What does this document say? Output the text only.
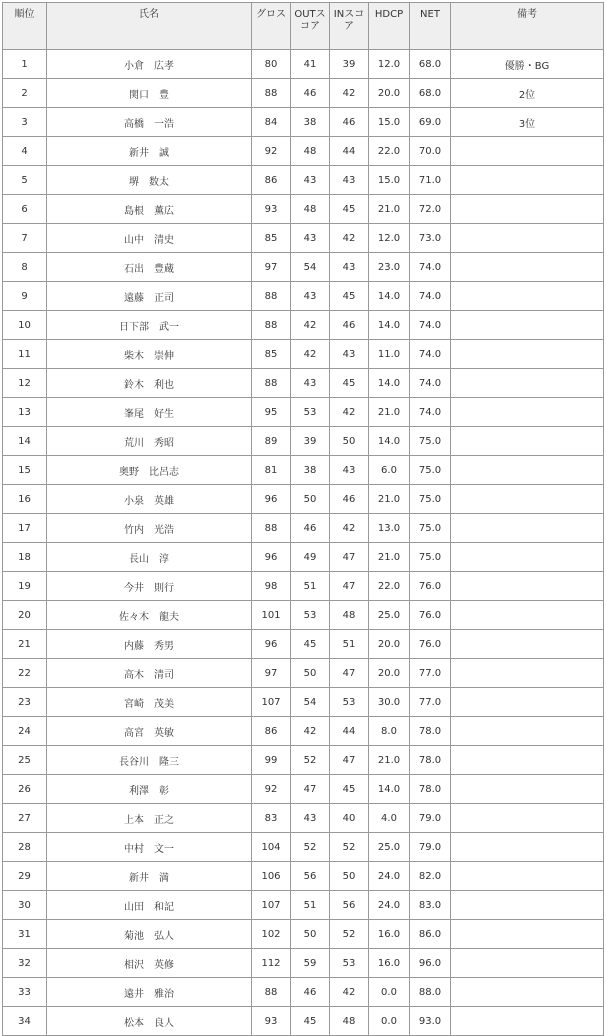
順位	氏名	グロス	OUTスコア	INスコア	HDCP	NET	備考
1	小倉　広孝	80	41	39	12.0	68.0	優勝・BG
2	関口　豊	88	46	42	20.0	68.0	2位
3	高橋　一浩	84	38	46	15.0	69.0	3位
4	新井　誠	92	48	44	22.0	70.0	
5	堺　数太	86	43	43	15.0	71.0	
6	島根　薫広	93	48	45	21.0	72.0	
7	山中　清史	85	43	42	12.0	73.0	
8	石出　豊蔵	97	54	43	23.0	74.0	
9	遠藤　正司	88	43	45	14.0	74.0	
10	日下部　武一	88	42	46	14.0	74.0	
11	柴木　崇伸	85	42	43	11.0	74.0	
12	鈴木　利也	88	43	45	14.0	74.0	
13	峯尾　好生	95	53	42	21.0	74.0	
14	荒川　秀昭	89	39	50	14.0	75.0	
15	奥野　比呂志	81	38	43	6.0	75.0	
16	小泉　英雄	96	50	46	21.0	75.0	
17	竹内　光浩	88	46	42	13.0	75.0	
18	長山　淳	96	49	47	21.0	75.0	
19	今井　則行	98	51	47	22.0	76.0	
20	佐々木　龍夫	101	53	48	25.0	76.0	
21	内藤　秀男	96	45	51	20.0	76.0	
22	高木　清司	97	50	47	20.0	77.0	
23	宮崎　茂美	107	54	53	30.0	77.0	
24	高宮　英敏	86	42	44	8.0	78.0	
25	長谷川　隆三	99	52	47	21.0	78.0	
26	利澤　彰	92	47	45	14.0	78.0	
27	上本　正之	83	43	40	4.0	79.0	
28	中村　文一	104	52	52	25.0	79.0	
29	新井　満	106	56	50	24.0	82.0	
30	山田　和記	107	51	56	24.0	83.0	
31	菊池　弘人	102	50	52	16.0	86.0	
32	相沢　英修	112	59	53	16.0	96.0	
33	遠井　雅治	88	46	42	0.0	88.0	
34	松本　良人	93	45	48	0.0	93.0	
